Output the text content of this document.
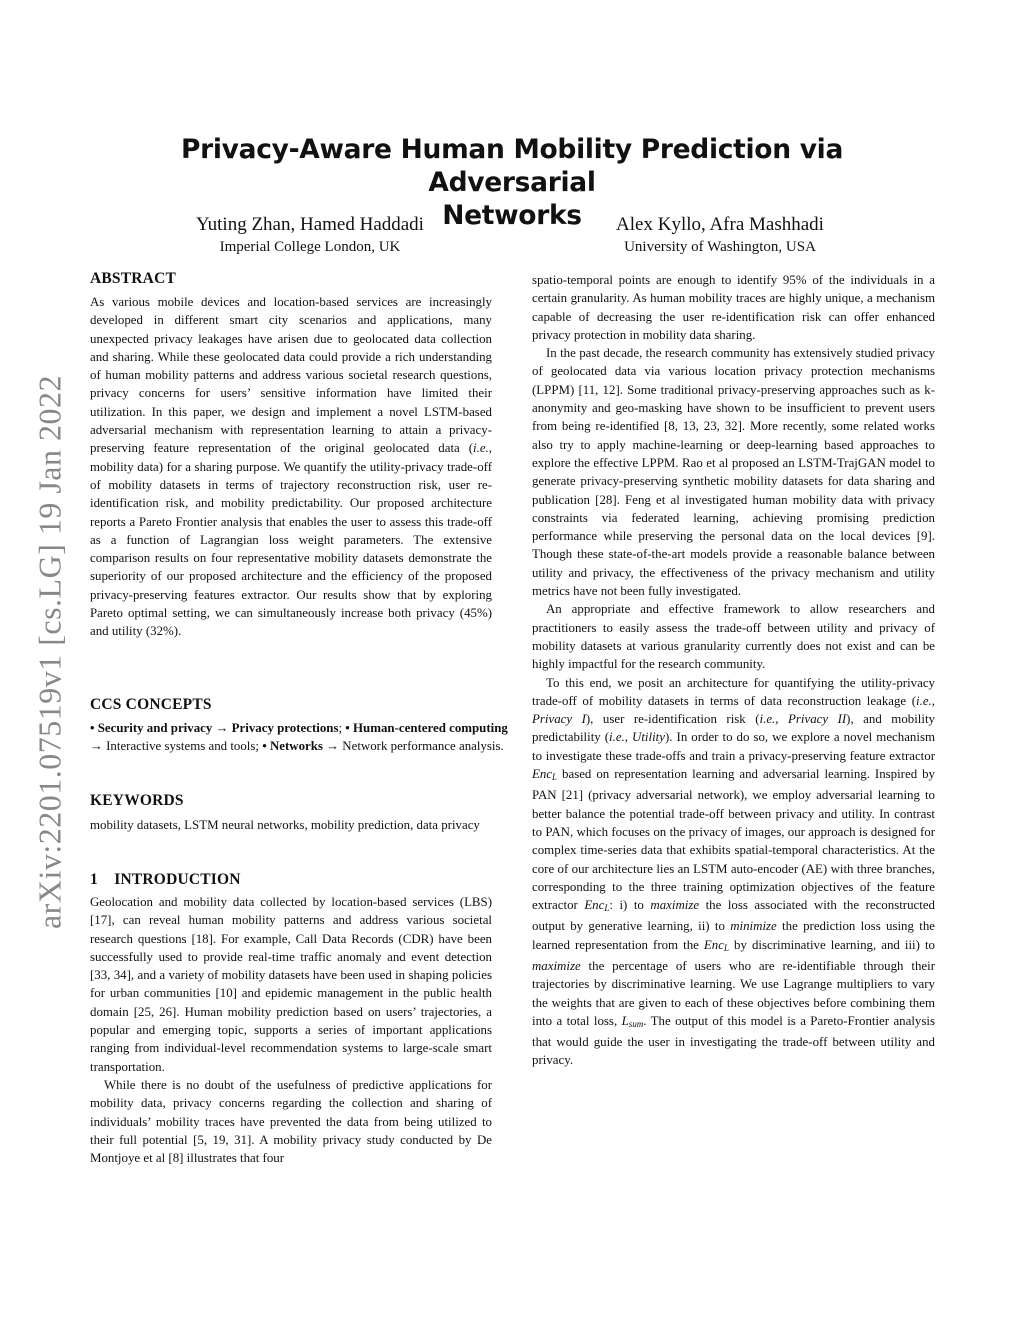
arXiv:2201.07519v1 [cs.LG] 19 Jan 2022
Privacy-Aware Human Mobility Prediction via Adversarial
Networks
Yuting Zhan, Hamed Haddadi
Imperial College London, UK
Alex Kyllo, Afra Mashhadi
University of Washington, USA
ABSTRACT

As various mobile devices and location-based services are increasingly developed in different smart city scenarios and applications, many unexpected privacy leakages have arisen due to geolocated data collection and sharing. While these geolocated data could provide a rich understanding of human mobility patterns and address various societal research questions, privacy concerns for users’ sensitive information have limited their utilization. In this paper, we design and implement a novel LSTM-based adversarial mechanism with representation learning to attain a privacy-preserving feature representation of the original geolocated data (i.e., mobility data) for a sharing purpose. We quantify the utility-privacy trade-off of mobility datasets in terms of trajectory reconstruction risk, user re-identification risk, and mobility predictability. Our proposed architecture reports a Pareto Frontier analysis that enables the user to assess this trade-off as a function of Lagrangian loss weight parameters. The extensive comparison results on four representative mobility datasets demonstrate the superiority of our proposed architecture and the efficiency of the proposed privacy-preserving features extractor. Our results show that by exploring Pareto optimal setting, we can simultaneously increase both privacy (45%) and utility (32%).

CCS CONCEPTS

• Security and privacy → Privacy protections; • Human-centered computing → Interactive systems and tools; • Networks → Network performance analysis.

KEYWORDS

mobility datasets, LSTM neural networks, mobility prediction, data privacy

1    INTRODUCTION

Geolocation and mobility data collected by location-based services (LBS) [17], can reveal human mobility patterns and address various societal research questions [18]. For example, Call Data Records (CDR) have been successfully used to provide real-time traffic anomaly and event detection [33, 34], and a variety of mobility datasets have been used in shaping policies for urban communities [10] and epidemic management in the public health domain [25, 26]. Human mobility prediction based on users’ trajectories, a popular and emerging topic, supports a series of important applications ranging from individual-level recommendation systems to large-scale smart transportation.

While there is no doubt of the usefulness of predictive applications for mobility data, privacy concerns regarding the collection and sharing of individuals’ mobility traces have prevented the data from being utilized to their full potential [5, 19, 31]. A mobility privacy study conducted by De Montjoye et al [8] illustrates that four

spatio-temporal points are enough to identify 95% of the individuals in a certain granularity. As human mobility traces are highly unique, a mechanism capable of decreasing the user re-identification risk can offer enhanced privacy protection in mobility data sharing.

In the past decade, the research community has extensively studied privacy of geolocated data via various location privacy protection mechanisms (LPPM) [11, 12]. Some traditional privacy-preserving approaches such as k-anonymity and geo-masking have shown to be insufficient to prevent users from being re-identified [8, 13, 23, 32]. More recently, some related works also try to apply machine-learning or deep-learning based approaches to explore the effective LPPM. Rao et al proposed an LSTM-TrajGAN model to generate privacy-preserving synthetic mobility datasets for data sharing and publication [28]. Feng et al investigated human mobility data with privacy constraints via federated learning, achieving promising prediction performance while preserving the personal data on the local devices [9]. Though these state-of-the-art models provide a reasonable balance between utility and privacy, the effectiveness of the privacy mechanism and utility metrics have not been fully investigated.

An appropriate and effective framework to allow researchers and practitioners to easily assess the trade-off between utility and privacy of mobility datasets at various granularity currently does not exist and can be highly impactful for the research community.

To this end, we posit an architecture for quantifying the utility-privacy trade-off of mobility datasets in terms of data reconstruction leakage (i.e., Privacy I), user re-identification risk (i.e., Privacy II), and mobility predictability (i.e., Utility). In order to do so, we explore a novel mechanism to investigate these trade-offs and train a privacy-preserving feature extractor Enc$_L$ based on representation learning and adversarial learning. Inspired by PAN [21] (privacy adversarial network), we employ adversarial learning to better balance the potential trade-off between privacy and utility. In contrast to PAN, which focuses on the privacy of images, our approach is designed for complex time-series data that exhibits spatial-temporal characteristics. At the core of our architecture lies an LSTM auto-encoder (AE) with three branches, corresponding to the three training optimization objectives of the feature extractor Enc$_L$: i) to maximize the loss associated with the reconstructed output by generative learning, ii) to minimize the prediction loss using the learned representation from the Enc$_L$ by discriminative learning, and iii) to maximize the percentage of users who are re-identifiable through their trajectories by discriminative learning. We use Lagrange multipliers to vary the weights that are given to each of these objectives before combining them into a total loss, $L_{sum}$. The output of this model is a Pareto-Frontier analysis that would guide the user in investigating the trade-off between utility and privacy.
